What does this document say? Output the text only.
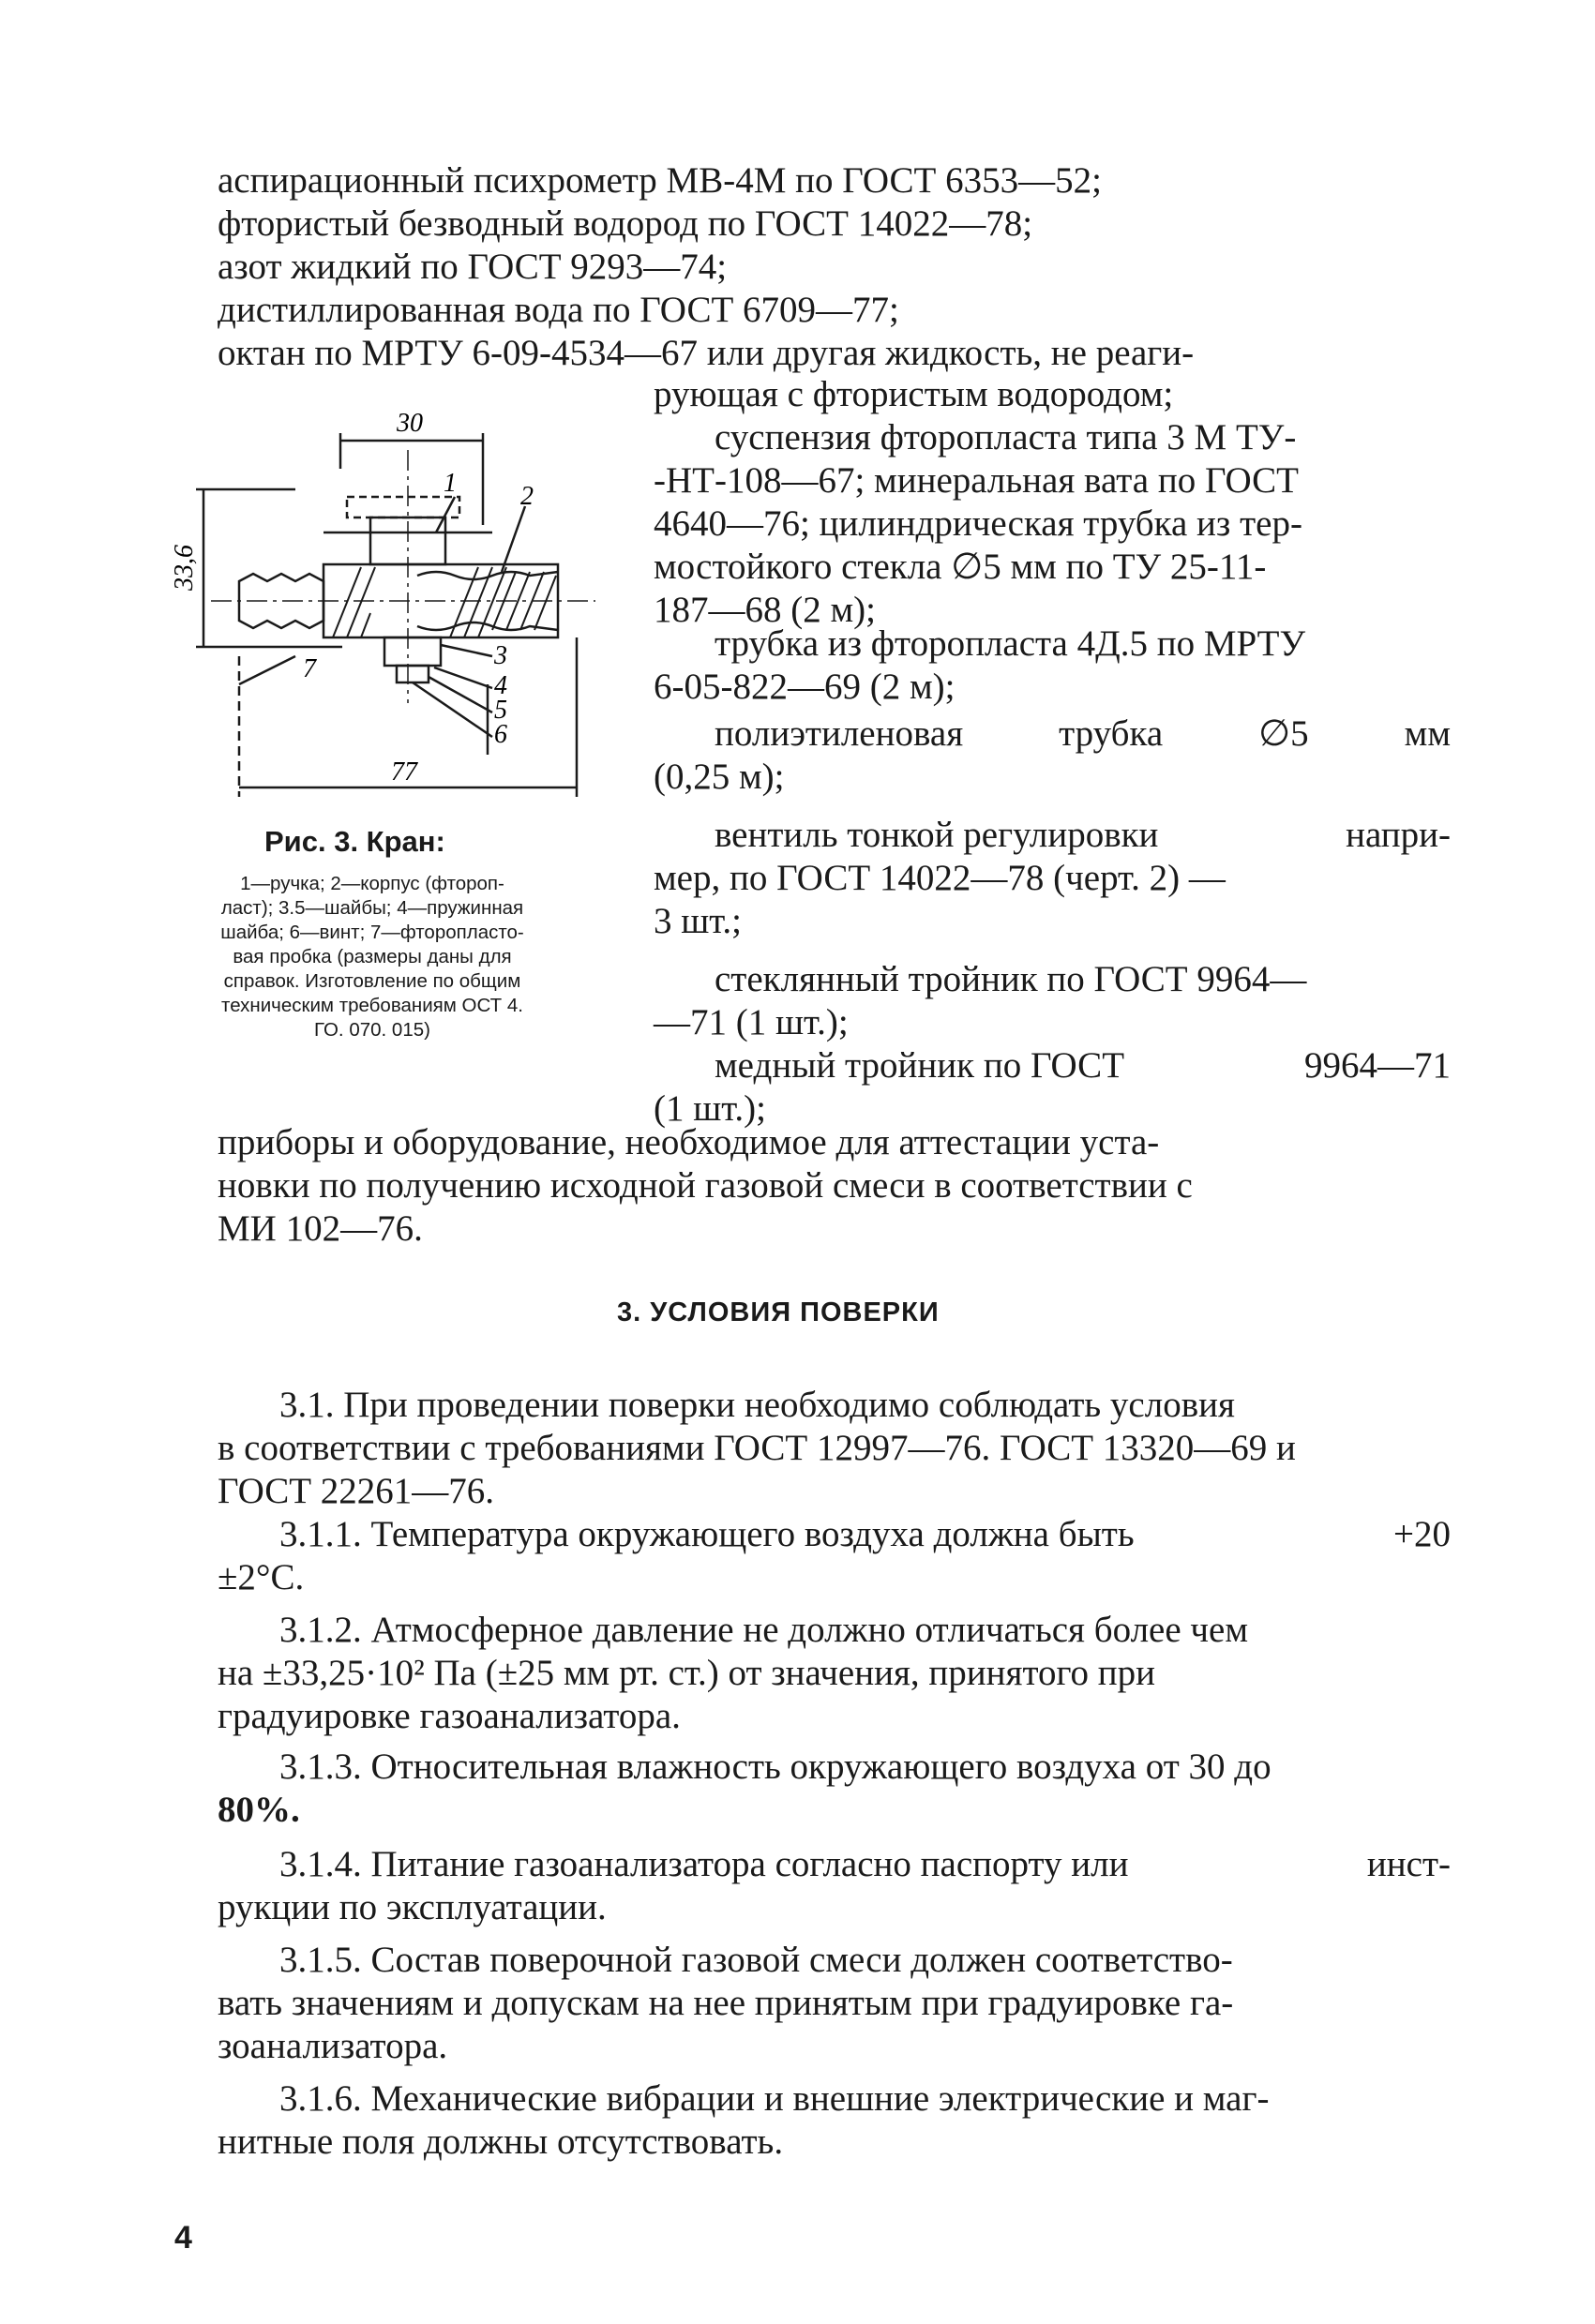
аспирационный психрометр МВ-4М по ГОСТ 6353—52;
фтористый безводный водород по ГОСТ 14022—78;
азот жидкий по ГОСТ 9293—74;
дистиллированная вода по ГОСТ 6709—77;
октан по МРТУ 6-09-4534—67 или другая жидкость, не реаги-
рующая с фтористым водородом;
суспензия фторопласта типа 3 М ТУ-
-НТ-108—67; минеральная вата по ГОСТ
4640—76; цилиндрическая трубка из тер-
мостойкого стекла ∅5 мм по ТУ 25-11-
187—68 (2 м);
трубка из фторопласта 4Д.5 по МРТУ
6-05-822—69 (2 м);
полиэтиленовая	трубка	∅5	мм
(0,25 м);
вентиль тонкой регулировки	напри-
мер, по ГОСТ 14022—78 (черт. 2) —
3 шт.;
стеклянный тройник по ГОСТ 9964—
—71 (1 шт.);
медный тройник по ГОСТ	9964—71
(1 шт.);
30
33,6
77
1 2
3
4
5
6
7
Рис. 3. Кран:
1—ручка; 2—корпус (фтороп-
ласт); 3.5—шайбы; 4—пружинная
шайба; 6—винт; 7—фторопласто-
вая пробка (размеры даны для
справок. Изготовление по общим
техническим требованиям ОСТ 4.
ГО. 070. 015)
приборы и оборудование, необходимое для аттестации уста-
новки по получению исходной газовой смеси в соответствии с
МИ 102—76.
3. УСЛОВИЯ ПОВЕРКИ
3.1. При проведении поверки необходимо соблюдать условия
в соответствии с требованиями ГОСТ 12997—76. ГОСТ 13320—69 и
ГОСТ 22261—76.
3.1.1. Температура окружающего воздуха должна быть	+20
±2°С.
3.1.2. Атмосферное давление не должно отличаться более чем
на ±33,25·10² Па (±25 мм рт. ст.) от значения, принятого при
градуировке газоанализатора.
3.1.3. Относительная влажность окружающего воздуха от 30 до
80%.
3.1.4. Питание газоанализатора согласно паспорту или	инст-
рукции по эксплуатации.
3.1.5. Состав поверочной газовой смеси должен соответство-
вать значениям и допускам на нее принятым при градуировке га-
зоанализатора.
3.1.6. Механические вибрации и внешние электрические и маг-
нитные поля должны отсутствовать.
4
